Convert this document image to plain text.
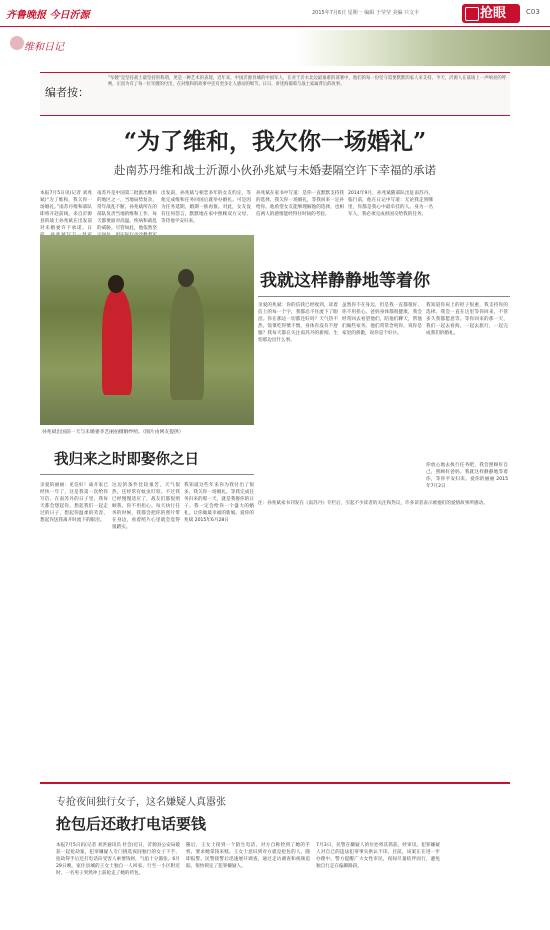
齐鲁晚报 今日沂源	2015年7月6日 星期一 编辑 于莹莹 美编 只文丰	抢眼	C03
维和日记
编者按：
"军嫂"是坚持战士最坚持的称谓，更是一种艺术的表现。近年来，中国沂源县城的中国军人，在对于沂水北边最艰难的部署中，他们的每一份坚守需要默默的家人来支持。今天，沂源人在战场上一声响亮的呼唤，正因为有了每一位军嫂的付出，在对维和的故事中还有更多让人感动的细节。日日，讲述海葡萄与战士家属背后的故事。
“为了维和，我欠你一场婚礼”
赴南苏丹维和战士沂源小伙孙兆斌与未婚妻隔空许下幸福的承诺
本报7月5日讯(记者 刘兆斌)“为了维和，我欠你一场婚礼。”南苏丹维和部队即将开赴前线，来自沂源县的战士孙兆斌在出发前对未婚妻许下承诺。日
南苏丹是中国第二批派出维和的地区之一，当地局势复杂，常年战乱不断。孙兆斌所在的部队负责当地的维和工作，每天都要面对高温、疾病和战乱的威胁。尽管如此，他依然坚
出发前，孙兆斌与相恋多年的女友约定，等他完成维和任务回国后就举办婚礼。可是因为任务延期，婚期一推再推。对此，女友没有任何怨言，默默地在家中照顾双方父母，等待他平安归来。
孙兆斌在家书中写道：是你一直默默支持我的选择，我欠你一场婚礼，等我回来一定补给你。他希望女友能够理解他的选择，也相信两人的感情能经得住时间的考验。
2014年9月，孙兆斌随部队出征南苏丹。临行前，他在日记中写道：无论我走到哪里，你都是我心中最牵挂的人。身为一名军人，我必须完成祖国交给我的任务。
孙兆斌出国前一天与未婚妻李艺丽拍摄婚纱照。（图片由网友提供）
我就这样静静地等着你
亲爱的兆斌：你的信我已经收到，读着信上的每一个字，我都忍不住流下了眼泪。你在那边一切都还好吗？天气热不热，饭菜吃得惯不惯，身体有没有不舒服？我每天都在关注南苏丹的新闻，生怕那边出什么事。
虽然你不在身边，但是我一直都很好，你不用担心。爸妈身体都很健康，我会经常回去看望他们，陪他们聊天，帮他们做些家务。他们常常念叨你，说你是家里的骄傲，说你是个好兵。
我知道你肩上的担子很重，我支持你的选择。我会一直在这里等你回来，不管多久我都愿意等。等你回来的那一天，我们一起去看海，一起去旅行，一起完成我们的婚礼。
你放心地去执行任务吧，我会照顾好自己，照顾好爸妈。我就这样静静地等着你，等你平安归来。爱你的丽丽 2015年7月2日
注：孙兆斌家书刊发在《南苏丹》专栏后，引起不少读者的关注和热议，许多读者表示被他们的爱情故事所感动。
我归来之时即娶你之日
亲爱的丽丽：见信好！离开家已经快一年了，这是我第一次给你写信。在南苏丹的日子里，我每天都会想起你。想起我们一起走过的日子，想起你温柔的笑容，想起你送我离开时流下的眼泪。
这边的条件比较艰苦，天气很热，还经常有蚊虫叮咬。不过我已经慢慢适应了，战友们都很照顾我，你不用担心。每天执行任务的时候，我都会把你的照片带在身边，看着照片心里就会觉得很踏实。
我知道这些年来你为我付出了很多，我欠你一场婚礼。等我完成任务归来的那一天，就是我娶你的日子。我一定会给你一个盛大的婚礼，让你做最幸福的新娘。爱你的兆斌 2015年6月28日
专抢夜间独行女子，这名嫌疑人真嚣张
抢包后还敢打电话要钱
本报7月5日讯(记者 刘洪通讯员 杜会)近日，沂源县公安局破获一起抢劫案，犯罪嫌疑人专门挑选夜间独行的女子下手，抢劫得手后还打电话向受害人索要钱财，气焰十分嚣张。6月29日晚，家住县城的王女士独自一人回家，行至一小区附近时，一名男子突然冲上前抢走了她的挎包。
随后，王女士接到一个陌生电话，对方自称捡到了她的手机，要求她拿钱来赎。王女士意识到对方就是抢包的人，随即报警。民警接警后迅速展开调查，通过走访调查和视频追踪，很快锁定了犯罪嫌疑人。
7月3日，民警在嫌疑人的住处将其抓获。经审讯，犯罪嫌疑人对自己的违法犯罪事实供认不讳。目前，该案正在进一步办理中。警方提醒广大女性市民，夜间尽量结伴而行，避免独自行走在偏僻路段。
